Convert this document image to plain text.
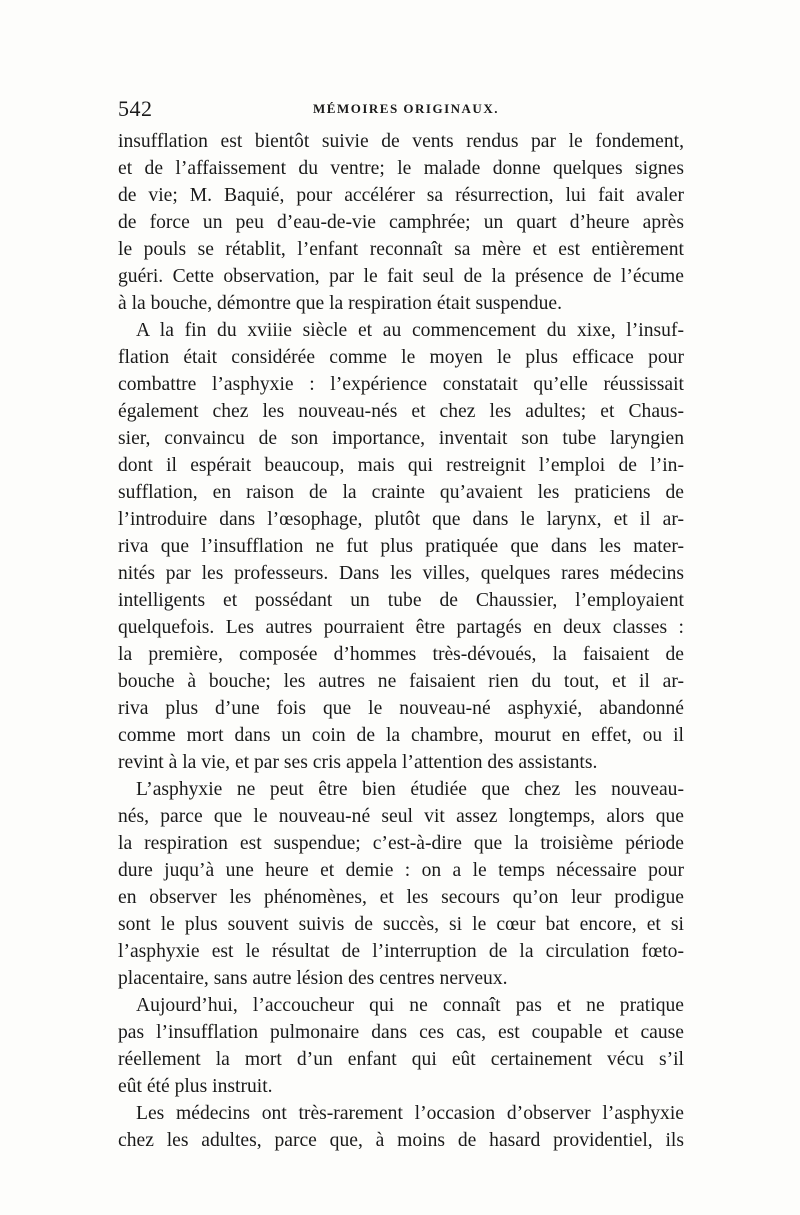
542	MÉMOIRES ORIGINAUX.
insufflation est bientôt suivie de vents rendus par le fondement,
et de l’affaissement du ventre; le malade donne quelques signes
de vie; M. Baquié, pour accélérer sa résurrection, lui fait avaler
de force un peu d’eau-de-vie camphrée; un quart d’heure après
le pouls se rétablit, l’enfant reconnaît sa mère et est entièrement
guéri. Cette observation, par le fait seul de la présence de l’écume
à la bouche, démontre que la respiration était suspendue.
A la fin du xviiie siècle et au commencement du xixe, l’insuf-
flation était considérée comme le moyen le plus efficace pour
combattre l’asphyxie : l’expérience constatait qu’elle réussissait
également chez les nouveau-nés et chez les adultes; et Chaus-
sier, convaincu de son importance, inventait son tube laryngien
dont il espérait beaucoup, mais qui restreignit l’emploi de l’in-
sufflation, en raison de la crainte qu’avaient les praticiens de
l’introduire dans l’œsophage, plutôt que dans le larynx, et il ar-
riva que l’insufflation ne fut plus pratiquée que dans les mater-
nités par les professeurs. Dans les villes, quelques rares médecins
intelligents et possédant un tube de Chaussier, l’employaient
quelquefois. Les autres pourraient être partagés en deux classes :
la première, composée d’hommes très-dévoués, la faisaient de
bouche à bouche; les autres ne faisaient rien du tout, et il ar-
riva plus d’une fois que le nouveau-né asphyxié, abandonné
comme mort dans un coin de la chambre, mourut en effet, ou il
revint à la vie, et par ses cris appela l’attention des assistants.
L’asphyxie ne peut être bien étudiée que chez les nouveau-
nés, parce que le nouveau-né seul vit assez longtemps, alors que
la respiration est suspendue; c’est-à-dire que la troisième période
dure juqu’à une heure et demie : on a le temps nécessaire pour
en observer les phénomènes, et les secours qu’on leur prodigue
sont le plus souvent suivis de succès, si le cœur bat encore, et si
l’asphyxie est le résultat de l’interruption de la circulation fœto-
placentaire, sans autre lésion des centres nerveux.
Aujourd’hui, l’accoucheur qui ne connaît pas et ne pratique
pas l’insufflation pulmonaire dans ces cas, est coupable et cause
réellement la mort d’un enfant qui eût certainement vécu s’il
eût été plus instruit.
Les médecins ont très-rarement l’occasion d’observer l’asphyxie
chez les adultes, parce que, à moins de hasard providentiel, ils
